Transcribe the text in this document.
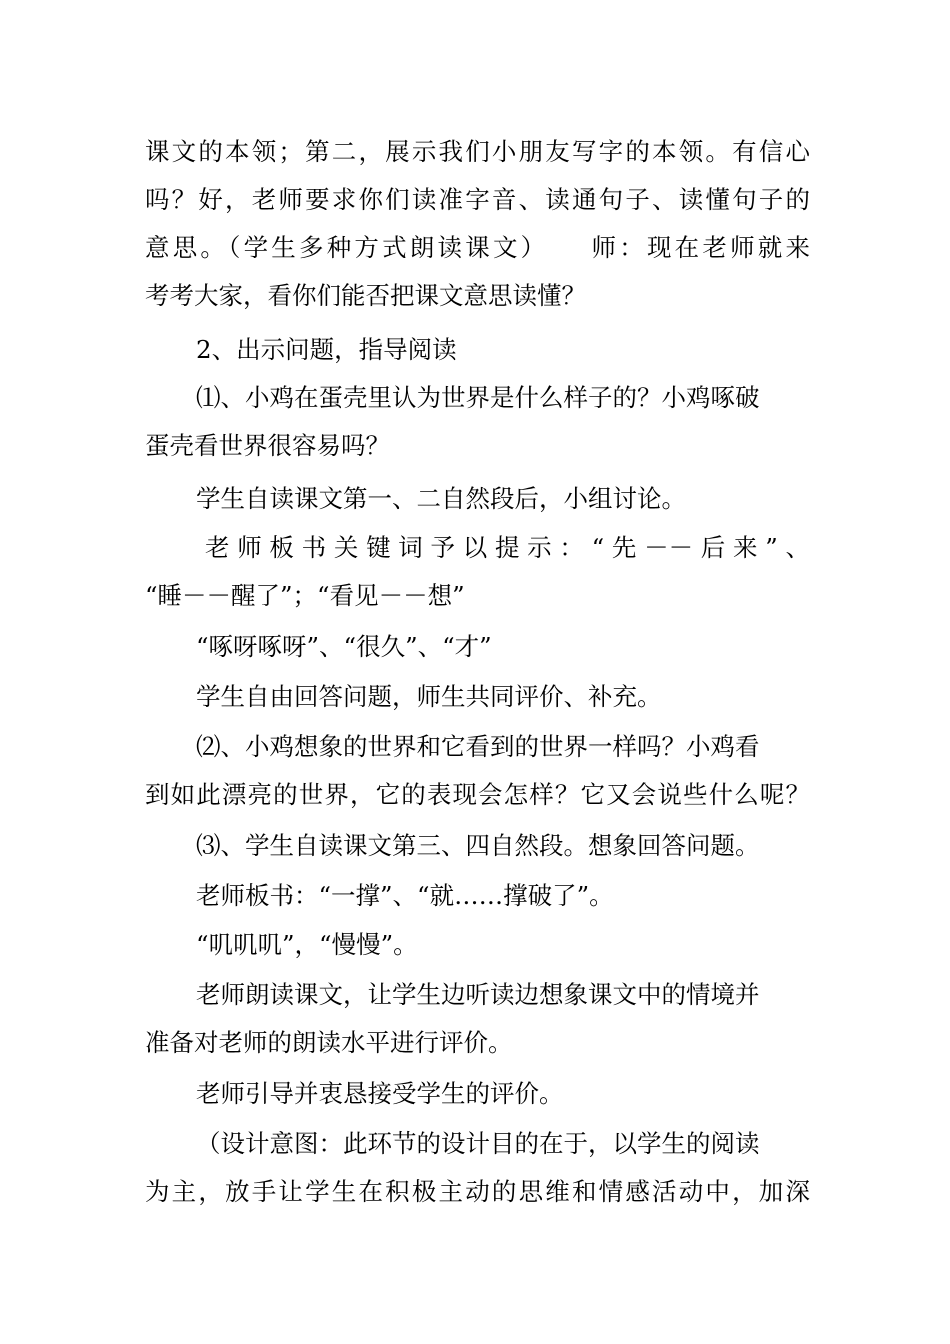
课文的本领；第二，展示我们小朋友写字的本领。有信心
吗？好，老师要求你们读准字音、读通句子、读懂句子的
意思。（学生多种方式朗读课文）　　师：现在老师就来
考考大家，看你们能否把课文意思读懂？
2、出示问题，指导阅读
⑴、小鸡在蛋壳里认为世界是什么样子的？小鸡啄破
蛋壳看世界很容易吗？
学生自读课文第一、二自然段后，小组讨论。
老师板书关键词予以提示：“先－－后来”、
“睡－－醒了”；“看见－－想”
“啄呀啄呀”、“很久”、“才”
学生自由回答问题，师生共同评价、补充。
⑵、小鸡想象的世界和它看到的世界一样吗？小鸡看
到如此漂亮的世界，它的表现会怎样？它又会说些什么呢？
⑶、学生自读课文第三、四自然段。想象回答问题。
老师板书：“一撑”、“就……撑破了”。
“叽叽叽”，“慢慢”。
老师朗读课文，让学生边听读边想象课文中的情境并
准备对老师的朗读水平进行评价。
老师引导并衷恳接受学生的评价。
（设计意图：此环节的设计目的在于，以学生的阅读
为主，放手让学生在积极主动的思维和情感活动中，加深
